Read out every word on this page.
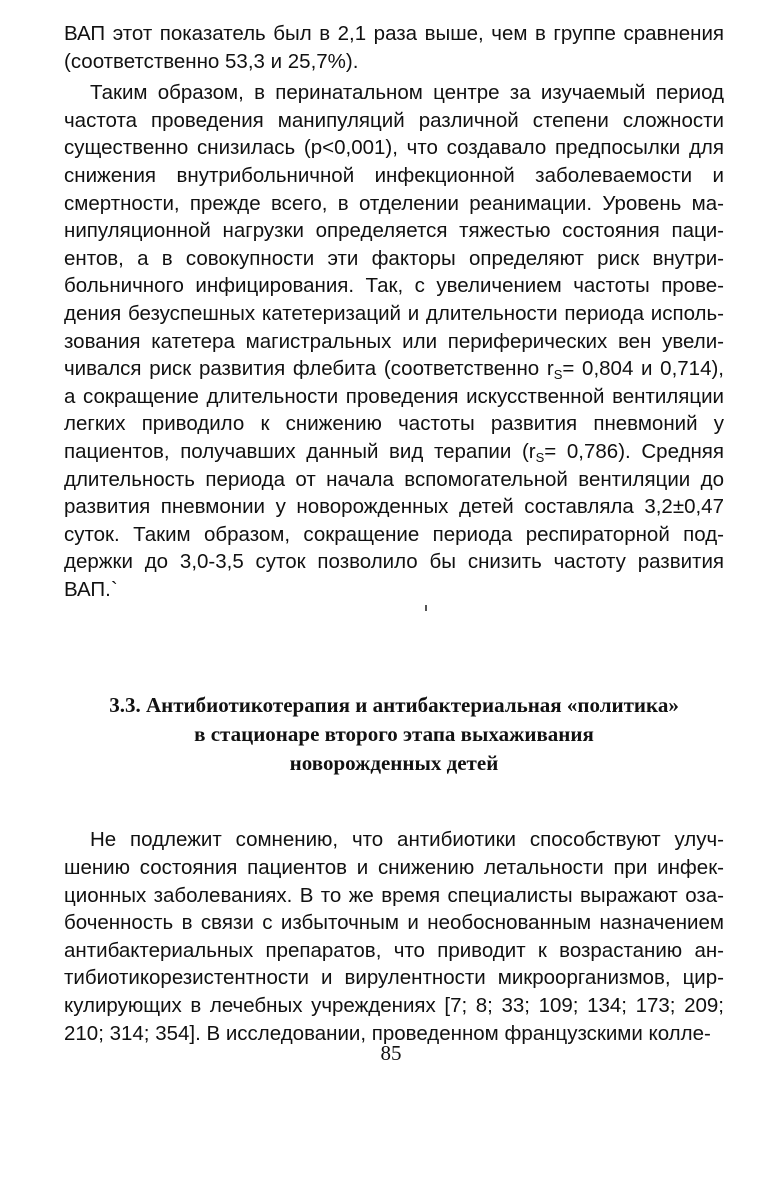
ВАП этот показатель был в 2,1 раза выше, чем в группе сравнения (соответственно 53,3 и 25,7%).

Таким образом, в перинатальном центре за изучаемый период частота проведения манипуляций различной степени сложности существенно снизилась (р<0,001), что создавало предпосылки для снижения внутрибольничной инфекционной заболеваемости и смертности, прежде всего, в отделении реанимации. Уровень манипуляционной нагрузки определяется тяжестью состояния пациентов, а в совокупности эти факторы определяют риск внутрибольничного инфицирования. Так, с увеличением частоты проведения безуспешных катетеризаций и длительности периода использования катетера магистральных или периферических вен увеличивался риск развития флебита (соответственно $r_S= 0,804$ и 0,714), а сокращение длительности проведения искусственной вентиляции легких приводило к снижению частоты развития пневмоний у пациентов, получавших данный вид терапии $(r_S= 0,786)$. Средняя длительность периода от начала вспомогательной вентиляции до развития пневмонии у новорожденных детей составляла 3,2±0,47 суток. Таким образом, сокращение периода респираторной поддержки до 3,0-3,5 суток позволило бы снизить частоту развития ВАП.`

3.3. Антибиотикотерапия и антибактериальная «политика»
в стационаре второго этапа выхаживания
новорожденных детей

Не подлежит сомнению, что антибиотики способствуют улучшению состояния пациентов и снижению летальности при инфекционных заболеваниях. В то же время специалисты выражают озабоченность в связи с избыточным и необоснованным назначением антибактериальных препаратов, что приводит к возрастанию антибиотикорезистентности и вирулентности микроорганизмов, циркулирующих в лечебных учреждениях [7; 8; 33; 109; 134; 173; 209; 210; 314; 354]. В исследовании, проведенном французскими колле-

85
